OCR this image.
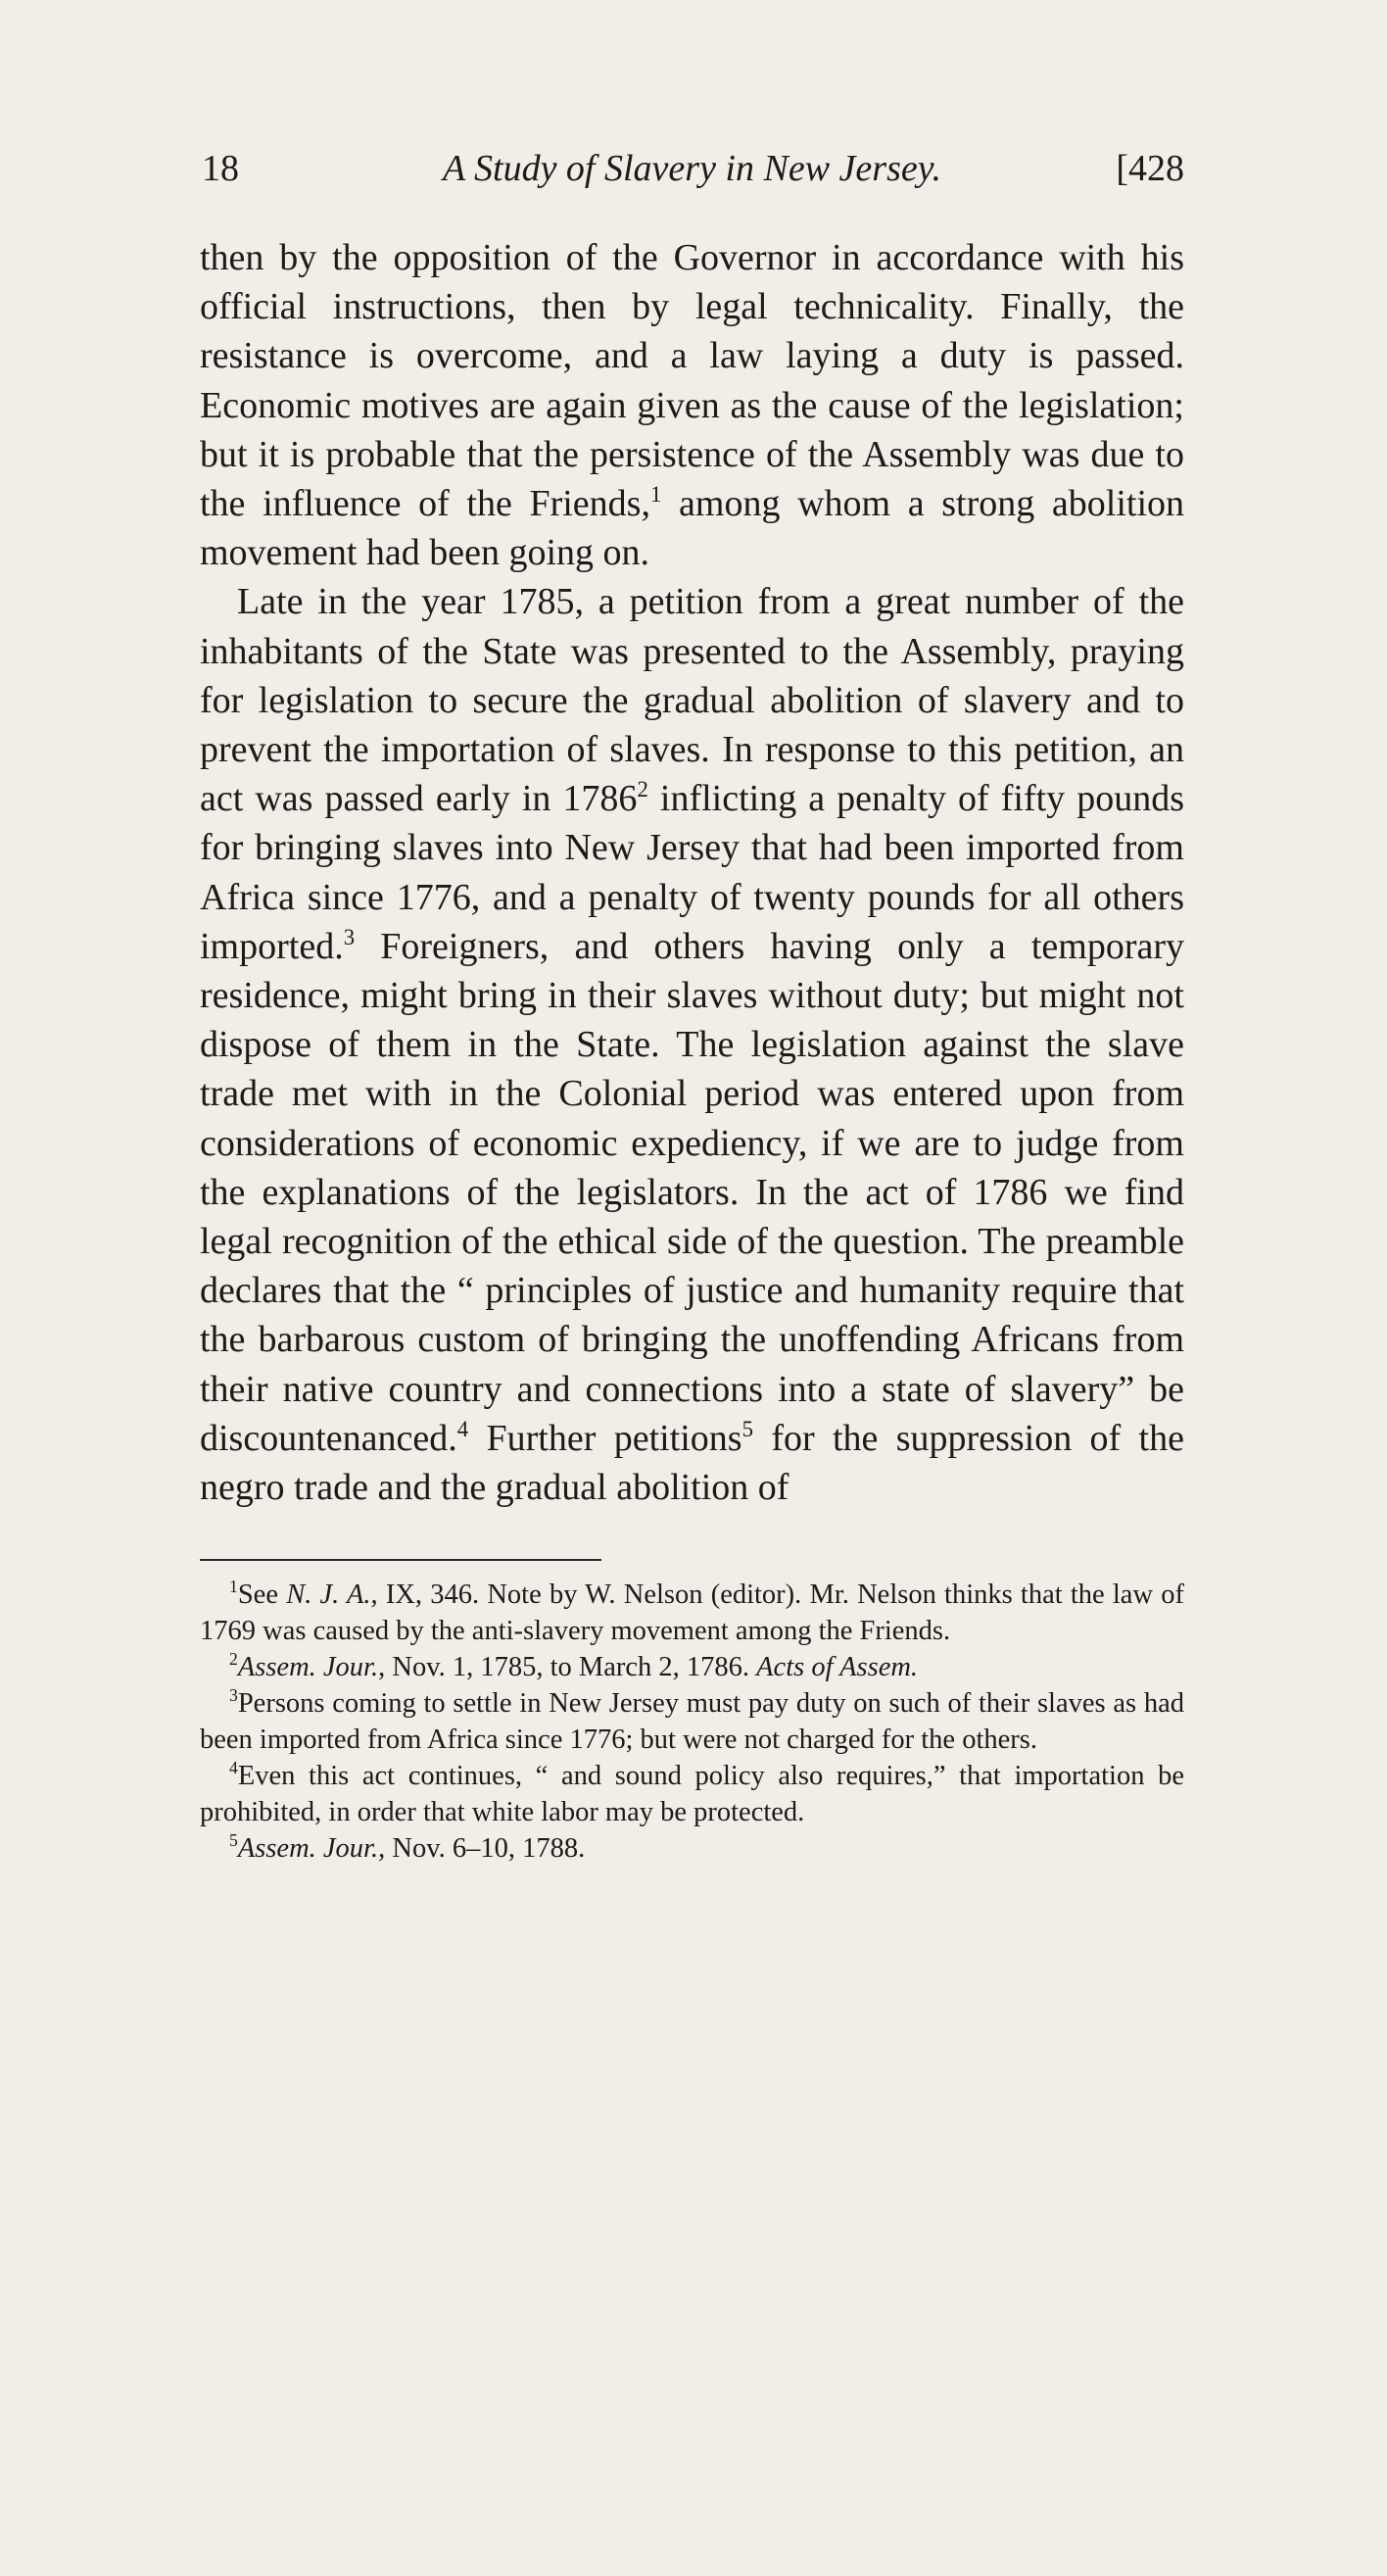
18	A Study of Slavery in New Jersey.	[428

then by the opposition of the Governor in accordance with his official instructions, then by legal technicality. Finally, the resistance is overcome, and a law laying a duty is passed. Economic motives are again given as the cause of the legislation; but it is probable that the persistence of the Assembly was due to the influence of the Friends,$^1$ among whom a strong abolition movement had been going on.

Late in the year 1785, a petition from a great number of the inhabitants of the State was presented to the Assembly, praying for legislation to secure the gradual abolition of slavery and to prevent the importation of slaves. In response to this petition, an act was passed early in 1786$^2$ inflicting a penalty of fifty pounds for bringing slaves into New Jersey that had been imported from Africa since 1776, and a penalty of twenty pounds for all others imported.$^3$ Foreigners, and others having only a temporary residence, might bring in their slaves without duty; but might not dispose of them in the State. The legislation against the slave trade met with in the Colonial period was entered upon from considerations of economic expediency, if we are to judge from the explanations of the legislators. In the act of 1786 we find legal recognition of the ethical side of the question. The preamble declares that the “ principles of justice and humanity require that the barbarous custom of bringing the unoffending Africans from their native country and connections into a state of slavery” be discountenanced.$^4$ Further petitions$^5$ for the suppression of the negro trade and the gradual abolition of

$^1$See N. J. A., IX, 346. Note by W. Nelson (editor). Mr. Nelson thinks that the law of 1769 was caused by the anti-slavery movement among the Friends.

$^2$Assem. Jour., Nov. 1, 1785, to March 2, 1786. Acts of Assem.

$^3$Persons coming to settle in New Jersey must pay duty on such of their slaves as had been imported from Africa since 1776; but were not charged for the others.

$^4$Even this act continues, “ and sound policy also requires,” that importation be prohibited, in order that white labor may be protected.

$^5$Assem. Jour., Nov. 6–10, 1788.
